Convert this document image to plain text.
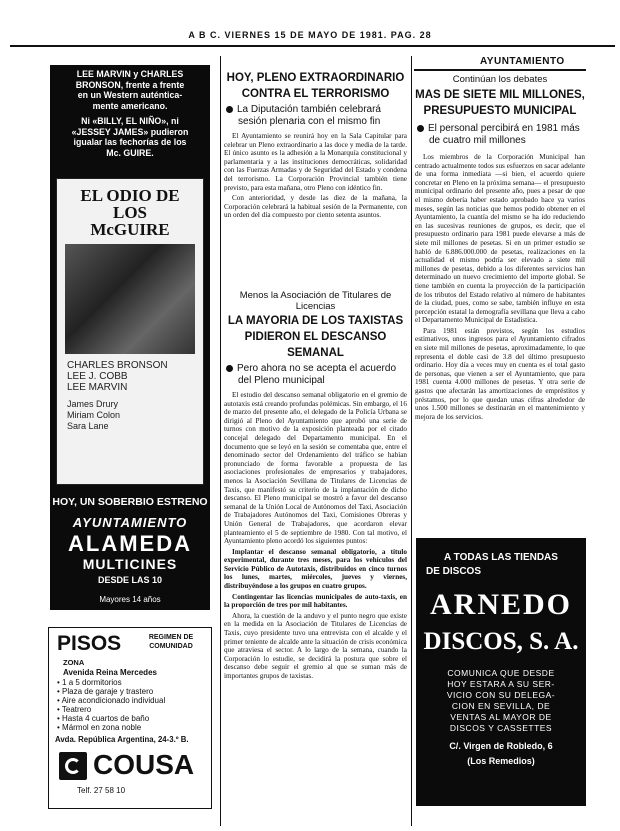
A B C. VIERNES 15 DE MAYO DE 1981. PAG. 28
LEE MARVIN y CHARLES
BRONSON, frente a frente
en un Western auténtica-
mente americano.
Ni «BILLY, EL NIÑO», ni
«JESSEY JAMES» pudieron
igualar las fechorías de los
Mc. GUIRE.
EL ODIO DE LOS McGUIRE
CHARLES BRONSON
LEE J. COBB
LEE MARVIN
James Drury
Miriam Colon
Sara Lane
HOY, UN SOBERBIO ESTRENO
AYUNTAMIENTO
ALAMEDA
MULTICINES
DESDE LAS 10
Mayores 14 años
PISOS	REGIMEN DE COMUNIDAD
ZONA
Avenida Reina Mercedes

• 1 a 5 dormitorios

• Plaza de garaje y trastero

• Aire acondicionado individual

• Teatrero

• Hasta 4 cuartos de baño

• Mármol en zona noble

Avda. República Argentina, 24-3.º B.
COUSA
Telf. 27 58 10
HOY, PLENO EXTRAORDINARIO CONTRA EL TERRORISMO
La Diputación también celebrará sesión plenaria con el mismo fin

El Ayuntamiento se reunirá hoy en la Sala Capitular para celebrar un Pleno extraordinario a las doce y media de la tarde. El único asunto es la adhesión a la Monarquía constitucional y parlamentaria y a las instituciones democráticas, solidaridad con las Fuerzas Armadas y de Seguridad del Estado y condena del terrorismo. La Corporación Provincial también tiene previsto, para esta mañana, otro Pleno con idéntico fin.

Con anterioridad, y desde las diez de la mañana, la Corporación celebrará la habitual sesión de la Permanente, con un orden del día compuesto por ciento setenta asuntos.

Menos la Asociación de Titulares de Licencias
LA MAYORIA DE LOS TAXISTAS PIDIERON EL DESCANSO SEMANAL
Pero ahora no se acepta el acuerdo del Pleno municipal

El estudio del descanso semanal obligatorio en el gremio de autotaxis está creando profundas polémicas. Sin embargo, el 16 de marzo del presente año, el delegado de la Policía Urbana se dirigió al Pleno del Ayuntamiento que aprobó una serie de turnos con motivo de la exposición planteada por el citado concejal delegado del Departamento municipal. En el documento que se leyó en la sesión se comentaba que, entre el denominado sector del Ordenamiento del tráfico se habían pronunciado de forma favorable a propuesta de las asociaciones profesionales de empresarios y trabajadores, menos la Asociación Sevillana de Titulares de Licencias de Taxis, que manifestó su criterio de la implantación de dicho descanso. El Pleno municipal se mostró a favor del descanso semanal de la Unión Local de Autónomos del Taxi, Asociación de Trabajadores Autónomos del Taxi, Comisiones Obreras y Unión General de Trabajadores, que acordaron elevar planteamiento el 5 de septiembre de 1980. Con tal motivo, el Ayuntamiento pleno acordó los siguientes puntos:

Implantar el descanso semanal obligatorio, a título experimental, durante tres meses, para los vehículos del Servicio Público de Autotaxis, distribuidos en cinco turnos los lunes, martes, miércoles, jueves y viernes, distribuyéndose a los grupos en cuatro grupos.

Contingentar las licencias municipales de auto-taxis, en la proporción de tres por mil habitantes.

Ahora, la cuestión de la anduvo y el punto negro que existe en la medida en la Asociación de Titulares de Licencias de Taxis, cuyo presidente tuvo una entrevista con el alcalde y el primer teniente de alcalde ante la situación de crisis económica que atraviesa el sector. A lo largo de la semana, cuando la Corporación lo estudie, se decidirá la postura que sobre el descanso debe seguir el gremio al que se suman más de importantes grupos de taxistas.

AYUNTAMIENTO
Continúan los debates
MAS DE SIETE MIL MILLONES, PRESUPUESTO MUNICIPAL
El personal percibirá en 1981 más de cuatro mil millones

Los miembros de la Corporación Municipal han centrado actualmente todos sus esfuerzos en sacar adelante de una forma inmediata —si bien, el acuerdo quiere concretar en Pleno en la próxima semana— el presupuesto municipal ordinario del presente año, pues a pesar de que el mismo debería haber estado aprobado hace ya varios meses, según las noticias que hemos podido obtener en el Ayuntamiento, la cuantía del mismo se ha ido reduciendo en las sucesivas reuniones de grupos, es decir, que el presupuesto ordinario para 1981 puede elevarse a más de siete mil millones de pesetas. Si en un primer estudio se habló de 6.886.000.000 de pesetas, realizaciones en la actualidad el mismo podría ser elevado a siete mil millones de pesetas, debido a los diferentes servicios han determinado un nuevo crecimiento del importe global. Se tiene también en cuenta la proyección de la participación de los tributos del Estado relativo al número de habitantes de la ciudad, pues, como se sabe, también influye en esta percepción estatal la demografía sevillana que lleva a cabo el Departamento Municipal de Estadística.

Para 1981 están previstos, según los estudios estimativos, unos ingresos para el Ayuntamiento cifrados en siete mil millones de pesetas, aproximadamente, lo que representa el doble casi de 3.8 del último presupuesto ordinario. Hoy día a veces muy en cuenta es el total gasto de personas, que vienen a ser el Ayuntamiento, que para 1981 cuenta 4.000 millones de pesetas. Y otra serie de gastos que afectarán las amortizaciones de empréstitos y préstamos, por lo que quedan unas cifras alrededor de unos 1.500 millones se destinarán en el mantenimiento y mejora de los servicios.

A TODAS LAS TIENDAS
DE DISCOS
ARNEDO
DISCOS, S. A.
COMUNICA QUE DESDE
HOY ESTARA A SU SER-
VICIO CON SU DELEGA-
CION EN SEVILLA, DE
VENTAS AL MAYOR DE
DISCOS Y CASSETTES
C/. Virgen de Robledo, 6
(Los Remedios)
